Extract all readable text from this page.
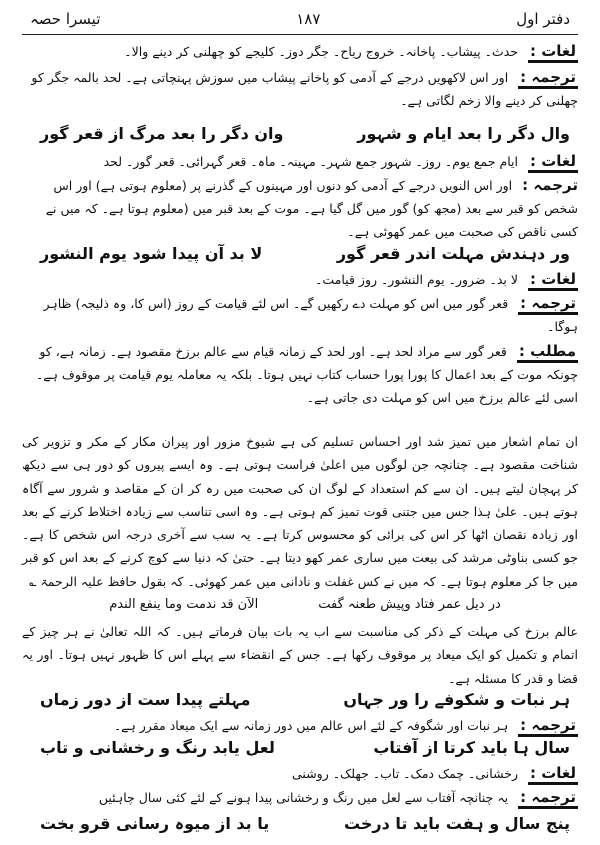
دفتر اول
۱۸۷
تیسرا حصہ
لغات : حدث۔ پیشاب۔ پاخانہ۔ خروج ریاح۔ جگر دوز۔ کلیجے کو چھلنی کر دینے والا۔
ترجمہ : اور اس لاکھویں درجے کے آدمی کو پاخانے پیشاب میں سوزش پہنچاتی ہے۔ لحد بالمہ جگر کو چھلنی کر دینے والا زخم لگاتی ہے۔
وال دگر را بعد ایام و شہور
وان دگر را بعد مرگ از قعر گور
لغات : ایام جمع یوم۔ روز۔ شہور جمع شہر۔ مہینہ۔ ماہ۔ قعر گہرائی۔ قعر گور۔ لحد
ترجمہ : اور اس النویں درجے کے آدمی کو دنوں اور مہینوں کے گذرنے پر (معلوم ہوتی ہے) اور اس شخص کو قبر سے بعد (مجھ کو) گور میں گل گیا ہے۔ موت کے بعد قبر میں (معلوم ہوتا ہے۔ کہ میں نے کسی ناقص کی صحبت میں عمر کھوئی ہے۔
ور دہندش مہلت اندر قعر گور
لا بد آن پیدا شود یوم النشور
لغات : لا بد۔ ضرور۔ یوم النشور۔ روز قیامت۔
ترجمہ : قعر گور میں اس کو مہلت دے رکھیں گے۔ اس لئے قیامت کے روز (اس کا، وہ ذلیجہ) ظاہر ہوگا۔
مطلب : قعر گور سے مراد لحد ہے۔ اور لحد کے زمانہ قیام سے عالم برزخ مقصود ہے۔ زمانہ ہے، کو چونکہ موت کے بعد اعمال کا پورا پورا حساب کتاب نہیں ہوتا۔ بلکہ یہ معاملہ یوم قیامت پر موقوف ہے۔ اسی لئے عالم برزخ میں اس کو مہلت دی جاتی ہے۔
ان تمام اشعار میں تمیز شد اور احساس تسلیم کی ہے شیوخ مزور اور پیران مکار کے مکر و تزویر کی شناخت مقصود ہے۔ چنانچہ جن لوگوں میں اعلیٰ فراست ہوتی ہے۔ وہ ایسے پیروں کو دور ہی سے دیکھ کر پہچان لیتے ہیں۔ ان سے کم استعداد کے لوگ ان کی صحبت میں رہ کر ان کے مقاصد و شرور سے آگاہ ہوتے ہیں۔ علیٰ ہذا جس میں جتنی قوت تمیز کم ہوتی ہے۔ وہ اسی تناسب سے زیادہ اختلاط کرنے کے بعد اور زیادہ نقصان اٹھا کر اس کی برائی کو محسوس کرتا ہے۔ یہ سب سے آخری درجہ اس شخص کا ہے۔ جو کسی بناوٹی مرشد کی بیعت میں ساری عمر کھو دیتا ہے۔ حتیٰ کہ دنیا سے کوچ کرنے کے بعد اس کو قبر میں جا کر معلوم ہوتا ہے۔ کہ میں نے کس غفلت و نادانی میں عمر کھوئی۔ کہ بقول حافظ علیہ الرحمۃ ؎
در دیل عمر فتاد وپیش طعنہ گفت
الآن قد ندمت وما ینفع الندم
عالم برزخ کی مہلت کے ذکر کی مناسبت سے اب یہ بات بیان فرماتے ہیں۔ کہ اللہ تعالیٰ نے ہر چیز کے اتمام و تکمیل کو ایک میعاد پر موقوف رکھا ہے۔ جس کے انقضاء سے پہلے اس کا ظہور نہیں ہوتا۔ اور یہ قضا و قدر کا مسئلہ ہے۔
ہر نبات و شکوفے را ور جہاں
مہلتے پیدا ست از دور زماں
ترجمہ : ہر نبات اور شگوفہ کے لئے اس عالم میں دور زمانہ سے ایک میعاد مقرر ہے۔
سال ہا باید کرتا از آفتاب
لعل یابد رنگ و رخشانی و تاب
لغات : رخشانی۔ چمک دمک۔ تاب۔ جھلک۔ روشنی
ترجمہ : یہ چنانچہ آفتاب سے لعل میں رنگ و رخشانی پیدا ہونے کے لئے کئی سال چاہئیں
پنج سال و ہفت باید تا درخت
یا بد از میوہ رسانی قرو بخت
